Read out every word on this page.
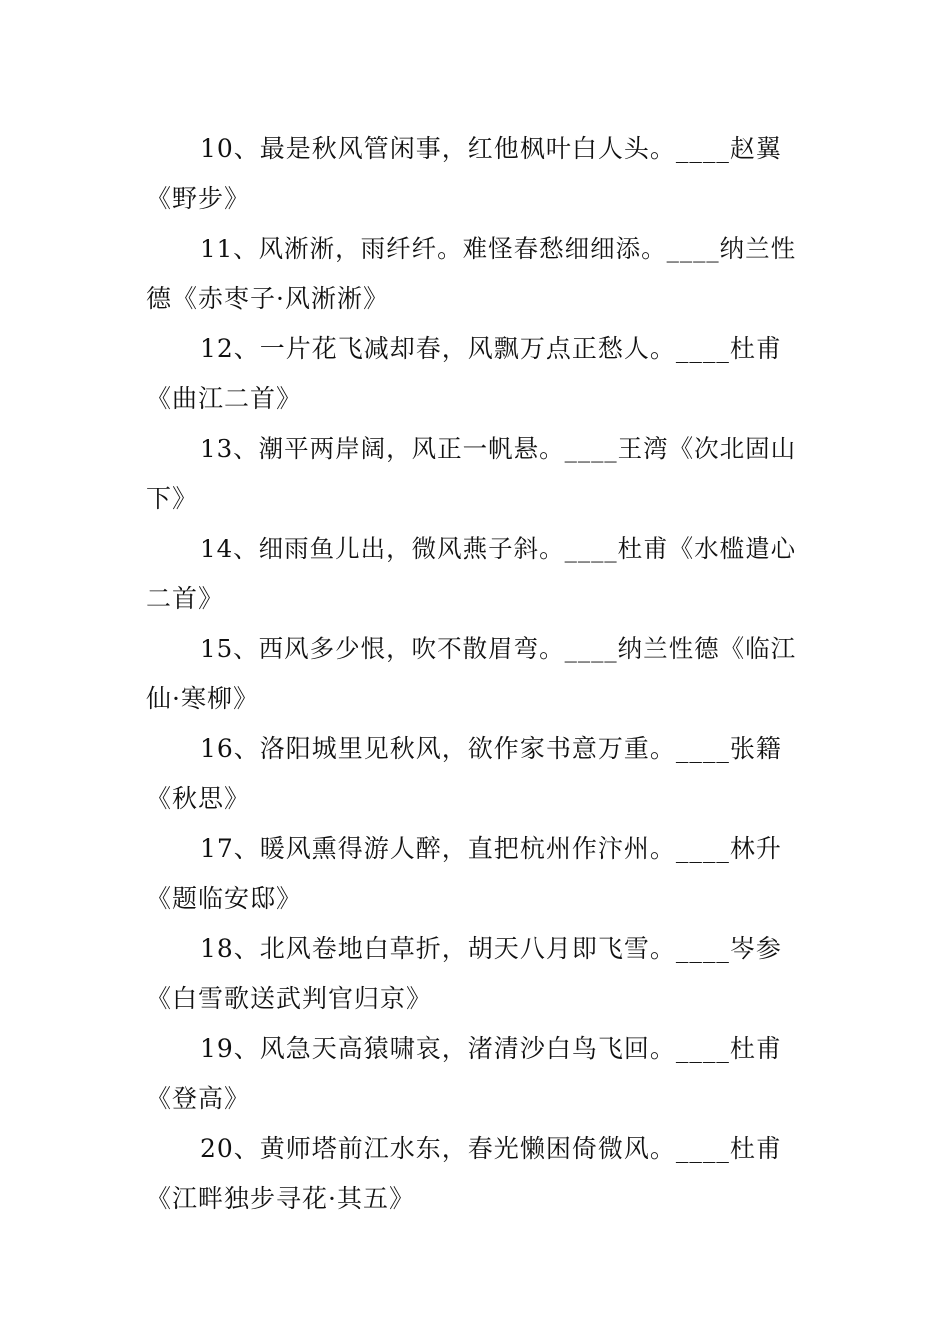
10、最是秋风管闲事，红他枫叶白人头。____赵翼
《野步》
11、风淅淅，雨纤纤。难怪春愁细细添。____纳兰性
德《赤枣子·风淅淅》
12、一片花飞减却春，风飘万点正愁人。____杜甫
《曲江二首》
13、潮平两岸阔，风正一帆悬。____王湾《次北固山
下》
14、细雨鱼儿出，微风燕子斜。____杜甫《水槛遣心
二首》
15、西风多少恨，吹不散眉弯。____纳兰性德《临江
仙·寒柳》
16、洛阳城里见秋风，欲作家书意万重。____张籍
《秋思》
17、暖风熏得游人醉，直把杭州作汴州。____林升
《题临安邸》
18、北风卷地白草折，胡天八月即飞雪。____岑参
《白雪歌送武判官归京》
19、风急天高猿啸哀，渚清沙白鸟飞回。____杜甫
《登高》
20、黄师塔前江水东，春光懒困倚微风。____杜甫
《江畔独步寻花·其五》
